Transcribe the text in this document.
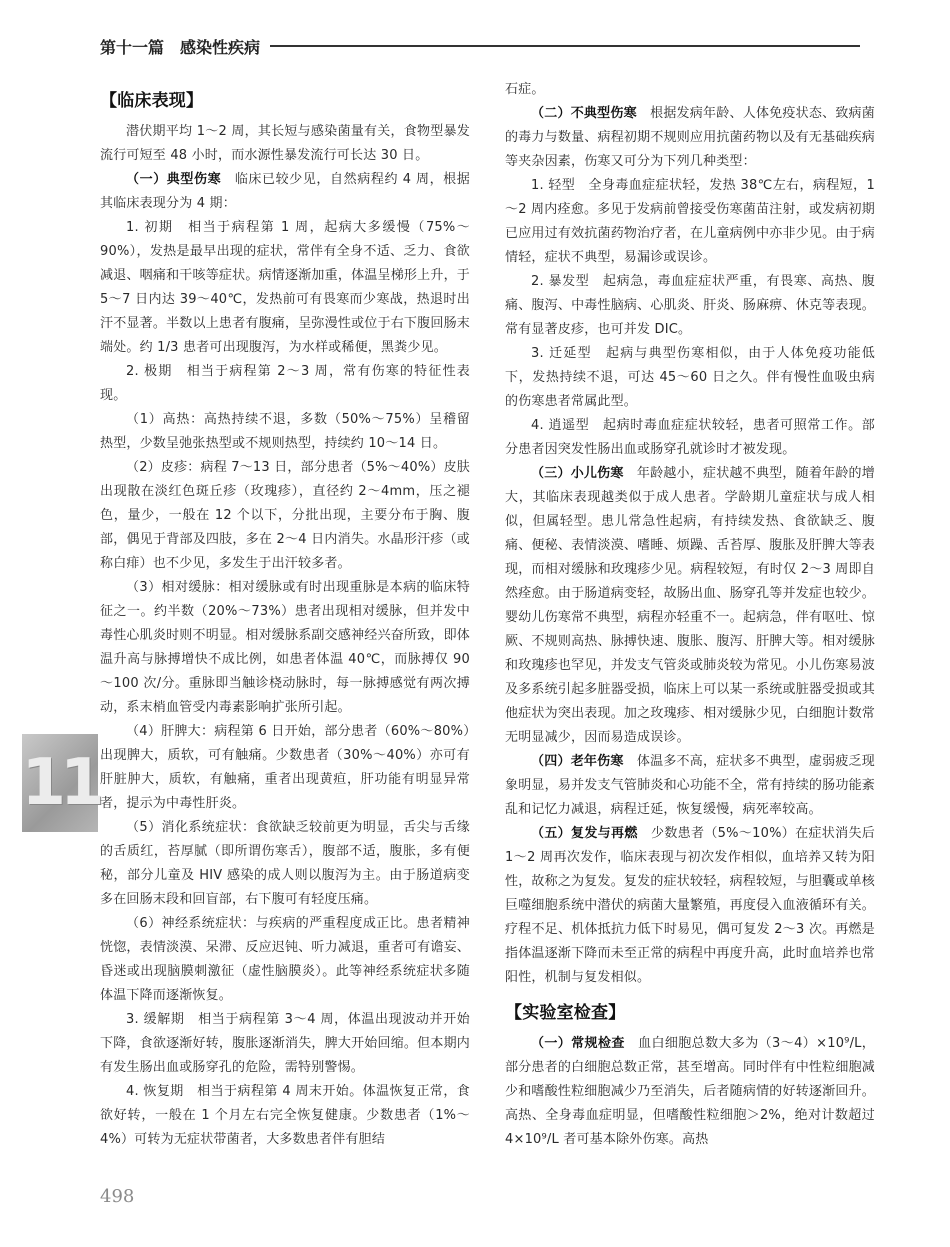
第十一篇　感染性疾病
11
【临床表现】

潜伏期平均 1～2 周，其长短与感染菌量有关，食物型暴发流行可短至 48 小时，而水源性暴发流行可长达 30 日。

（一）典型伤寒　临床已较少见，自然病程约 4 周，根据其临床表现分为 4 期：

1. 初期　相当于病程第 1 周，起病大多缓慢（75%～90%），发热是最早出现的症状，常伴有全身不适、乏力、食欲减退、咽痛和干咳等症状。病情逐渐加重，体温呈梯形上升，于 5～7 日内达 39～40℃，发热前可有畏寒而少寒战，热退时出汗不显著。半数以上患者有腹痛，呈弥漫性或位于右下腹回肠末端处。约 1/3 患者可出现腹泻，为水样或稀便，黑粪少见。

2. 极期　相当于病程第 2～3 周，常有伤寒的特征性表现。

（1）高热：高热持续不退，多数（50%～75%）呈稽留热型，少数呈弛张热型或不规则热型，持续约 10～14 日。

（2）皮疹：病程 7～13 日，部分患者（5%～40%）皮肤出现散在淡红色斑丘疹（玫瑰疹），直径约 2～4mm，压之褪色，量少，一般在 12 个以下，分批出现，主要分布于胸、腹部，偶见于背部及四肢，多在 2～4 日内消失。水晶形汗疹（或称白痱）也不少见，多发生于出汗较多者。

（3）相对缓脉：相对缓脉或有时出现重脉是本病的临床特征之一。约半数（20%～73%）患者出现相对缓脉，但并发中毒性心肌炎时则不明显。相对缓脉系副交感神经兴奋所致，即体温升高与脉搏增快不成比例，如患者体温 40℃，而脉搏仅 90～100 次/分。重脉即当触诊桡动脉时，每一脉搏感觉有两次搏动，系末梢血管受内毒素影响扩张所引起。

（4）肝脾大：病程第 6 日开始，部分患者（60%～80%）出现脾大，质软，可有触痛。少数患者（30%～40%）亦可有肝脏肿大，质软，有触痛，重者出现黄疸，肝功能有明显异常者，提示为中毒性肝炎。

（5）消化系统症状：食欲缺乏较前更为明显，舌尖与舌缘的舌质红，苔厚腻（即所谓伤寒舌），腹部不适，腹胀，多有便秘，部分儿童及 HIV 感染的成人则以腹泻为主。由于肠道病变多在回肠末段和回盲部，右下腹可有轻度压痛。

（6）神经系统症状：与疾病的严重程度成正比。患者精神恍惚，表情淡漠、呆滞、反应迟钝、听力减退，重者可有谵妄、昏迷或出现脑膜刺激征（虚性脑膜炎）。此等神经系统症状多随体温下降而逐渐恢复。

3. 缓解期　相当于病程第 3～4 周，体温出现波动并开始下降，食欲逐渐好转，腹胀逐渐消失，脾大开始回缩。但本期内有发生肠出血或肠穿孔的危险，需特别警惕。

4. 恢复期　相当于病程第 4 周末开始。体温恢复正常，食欲好转，一般在 1 个月左右完全恢复健康。少数患者（1%～4%）可转为无症状带菌者，大多数患者伴有胆结

石症。

（二）不典型伤寒　根据发病年龄、人体免疫状态、致病菌的毒力与数量、病程初期不规则应用抗菌药物以及有无基础疾病等夹杂因素，伤寒又可分为下列几种类型：

1. 轻型　全身毒血症症状轻，发热 38℃左右，病程短，1～2 周内痊愈。多见于发病前曾接受伤寒菌苗注射，或发病初期已应用过有效抗菌药物治疗者，在儿童病例中亦非少见。由于病情轻，症状不典型，易漏诊或误诊。

2. 暴发型　起病急，毒血症症状严重，有畏寒、高热、腹痛、腹泻、中毒性脑病、心肌炎、肝炎、肠麻痹、休克等表现。常有显著皮疹，也可并发 DIC。

3. 迁延型　起病与典型伤寒相似，由于人体免疫功能低下，发热持续不退，可达 45～60 日之久。伴有慢性血吸虫病的伤寒患者常属此型。

4. 逍遥型　起病时毒血症症状较轻，患者可照常工作。部分患者因突发性肠出血或肠穿孔就诊时才被发现。

（三）小儿伤寒　年龄越小，症状越不典型，随着年龄的增大，其临床表现越类似于成人患者。学龄期儿童症状与成人相似，但属轻型。患儿常急性起病，有持续发热、食欲缺乏、腹痛、便秘、表情淡漠、嗜睡、烦躁、舌苔厚、腹胀及肝脾大等表现，而相对缓脉和玫瑰疹少见。病程较短，有时仅 2～3 周即自然痊愈。由于肠道病变轻，故肠出血、肠穿孔等并发症也较少。婴幼儿伤寒常不典型，病程亦轻重不一。起病急，伴有呕吐、惊厥、不规则高热、脉搏快速、腹胀、腹泻、肝脾大等。相对缓脉和玫瑰疹也罕见，并发支气管炎或肺炎较为常见。小儿伤寒易波及多系统引起多脏器受损，临床上可以某一系统或脏器受损或其他症状为突出表现。加之玫瑰疹、相对缓脉少见，白细胞计数常无明显减少，因而易造成误诊。

（四）老年伤寒　体温多不高，症状多不典型，虚弱疲乏现象明显，易并发支气管肺炎和心功能不全，常有持续的肠功能紊乱和记忆力减退，病程迁延，恢复缓慢，病死率较高。

（五）复发与再燃　少数患者（5%～10%）在症状消失后 1～2 周再次发作，临床表现与初次发作相似，血培养又转为阳性，故称之为复发。复发的症状较轻，病程较短，与胆囊或单核巨噬细胞系统中潜伏的病菌大量繁殖，再度侵入血液循环有关。疗程不足、机体抵抗力低下时易见，偶可复发 2～3 次。再燃是指体温逐渐下降而未至正常的病程中再度升高，此时血培养也常阳性，机制与复发相似。

【实验室检查】

（一）常规检查　血白细胞总数大多为（3～4）×10⁹/L，部分患者的白细胞总数正常，甚至增高。同时伴有中性粒细胞减少和嗜酸性粒细胞减少乃至消失，后者随病情的好转逐渐回升。高热、全身毒血症明显，但嗜酸性粒细胞＞2%，绝对计数超过 4×10⁹/L 者可基本除外伤寒。高热

498
